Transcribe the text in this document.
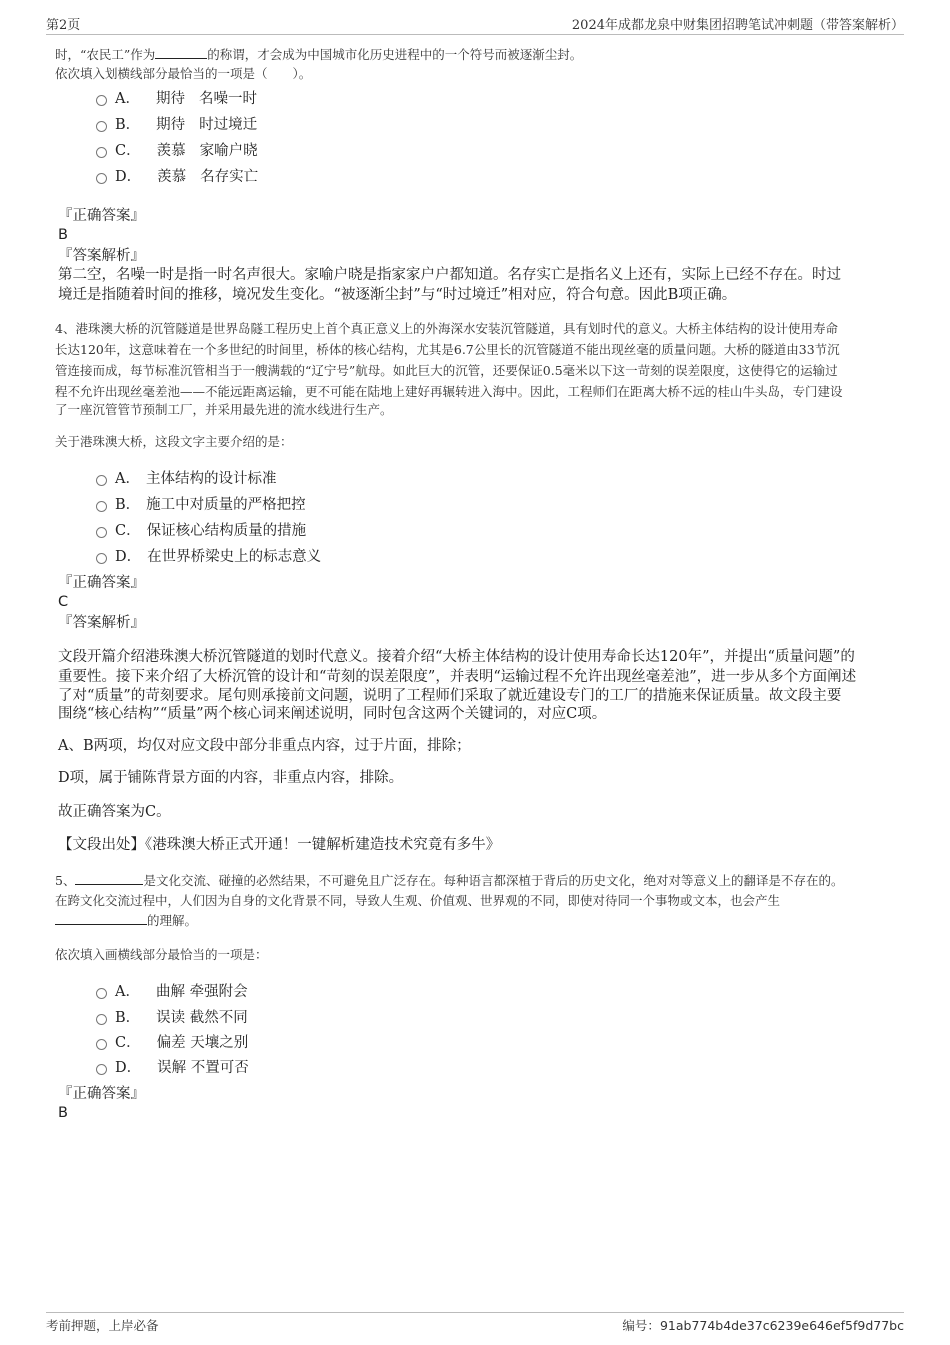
第2页	2024年成都龙泉中财集团招聘笔试冲刺题（带答案解析）
时，“农民工”作为	的称谓，才会成为中国城市化历史进程中的一个符号而被逐渐尘封。
依次填入划横线部分最恰当的一项是（　　）。
A． 期待 名噪一时
B． 期待 时过境迁
C． 羡慕 家喻户晓
D． 羡慕 名存实亡
『正确答案』
B
『答案解析』
第二空，名噪一时是指一时名声很大。家喻户晓是指家家户户都知道。名存实亡是指名义上还有，实际上已经不存在。时过
境迁是指随着时间的推移，境况发生变化。“被逐渐尘封”与“时过境迁”相对应，符合句意。因此B项正确。
4、港珠澳大桥的沉管隧道是世界岛隧工程历史上首个真正意义上的外海深水安装沉管隧道，具有划时代的意义。大桥主体结构的设计使用寿命
长达120年，这意味着在一个多世纪的时间里，桥体的核心结构，尤其是6.7公里长的沉管隧道不能出现丝毫的质量问题。大桥的隧道由33节沉
管连接而成，每节标准沉管相当于一艘满载的“辽宁号”航母。如此巨大的沉管，还要保证0.5毫米以下这一苛刻的误差限度，这使得它的运输过
程不允许出现丝毫差池——不能远距离运输，更不可能在陆地上建好再辗转进入海中。因此，工程师们在距离大桥不远的桂山牛头岛，专门建设
了一座沉管管节预制工厂，并采用最先进的流水线进行生产。
关于港珠澳大桥，这段文字主要介绍的是：
A． 主体结构的设计标准
B． 施工中对质量的严格把控
C． 保证核心结构质量的措施
D． 在世界桥梁史上的标志意义
『正确答案』
C
『答案解析』
文段开篇介绍港珠澳大桥沉管隧道的划时代意义。接着介绍“大桥主体结构的设计使用寿命长达120年”，并提出“质量问题”的
重要性。接下来介绍了大桥沉管的设计和“苛刻的误差限度”，并表明“运输过程不允许出现丝毫差池”，进一步从多个方面阐述
了对“质量”的苛刻要求。尾句则承接前文问题，说明了工程师们采取了就近建设专门的工厂的措施来保证质量。故文段主要
围绕“核心结构”“质量”两个核心词来阐述说明，同时包含这两个关键词的，对应C项。
A、B两项，均仅对应文段中部分非重点内容，过于片面，排除；
D项，属于铺陈背景方面的内容，非重点内容，排除。
故正确答案为C。
【文段出处】《港珠澳大桥正式开通！一键解析建造技术究竟有多牛》
5、	是文化交流、碰撞的必然结果，不可避免且广泛存在。每种语言都深植于背后的历史文化，绝对对等意义上的翻译是不存在的。
在跨文化交流过程中，人们因为自身的文化背景不同，导致人生观、价值观、世界观的不同，即使对待同一个事物或文本，也会产生
的理解。
依次填入画横线部分最恰当的一项是：
A． 曲解 牵强附会
B． 误读 截然不同
C． 偏差 天壤之别
D． 误解 不置可否
『正确答案』
B
考前押题，上岸必备	编号：91ab774b4de37c6239e646ef5f9d77bc
